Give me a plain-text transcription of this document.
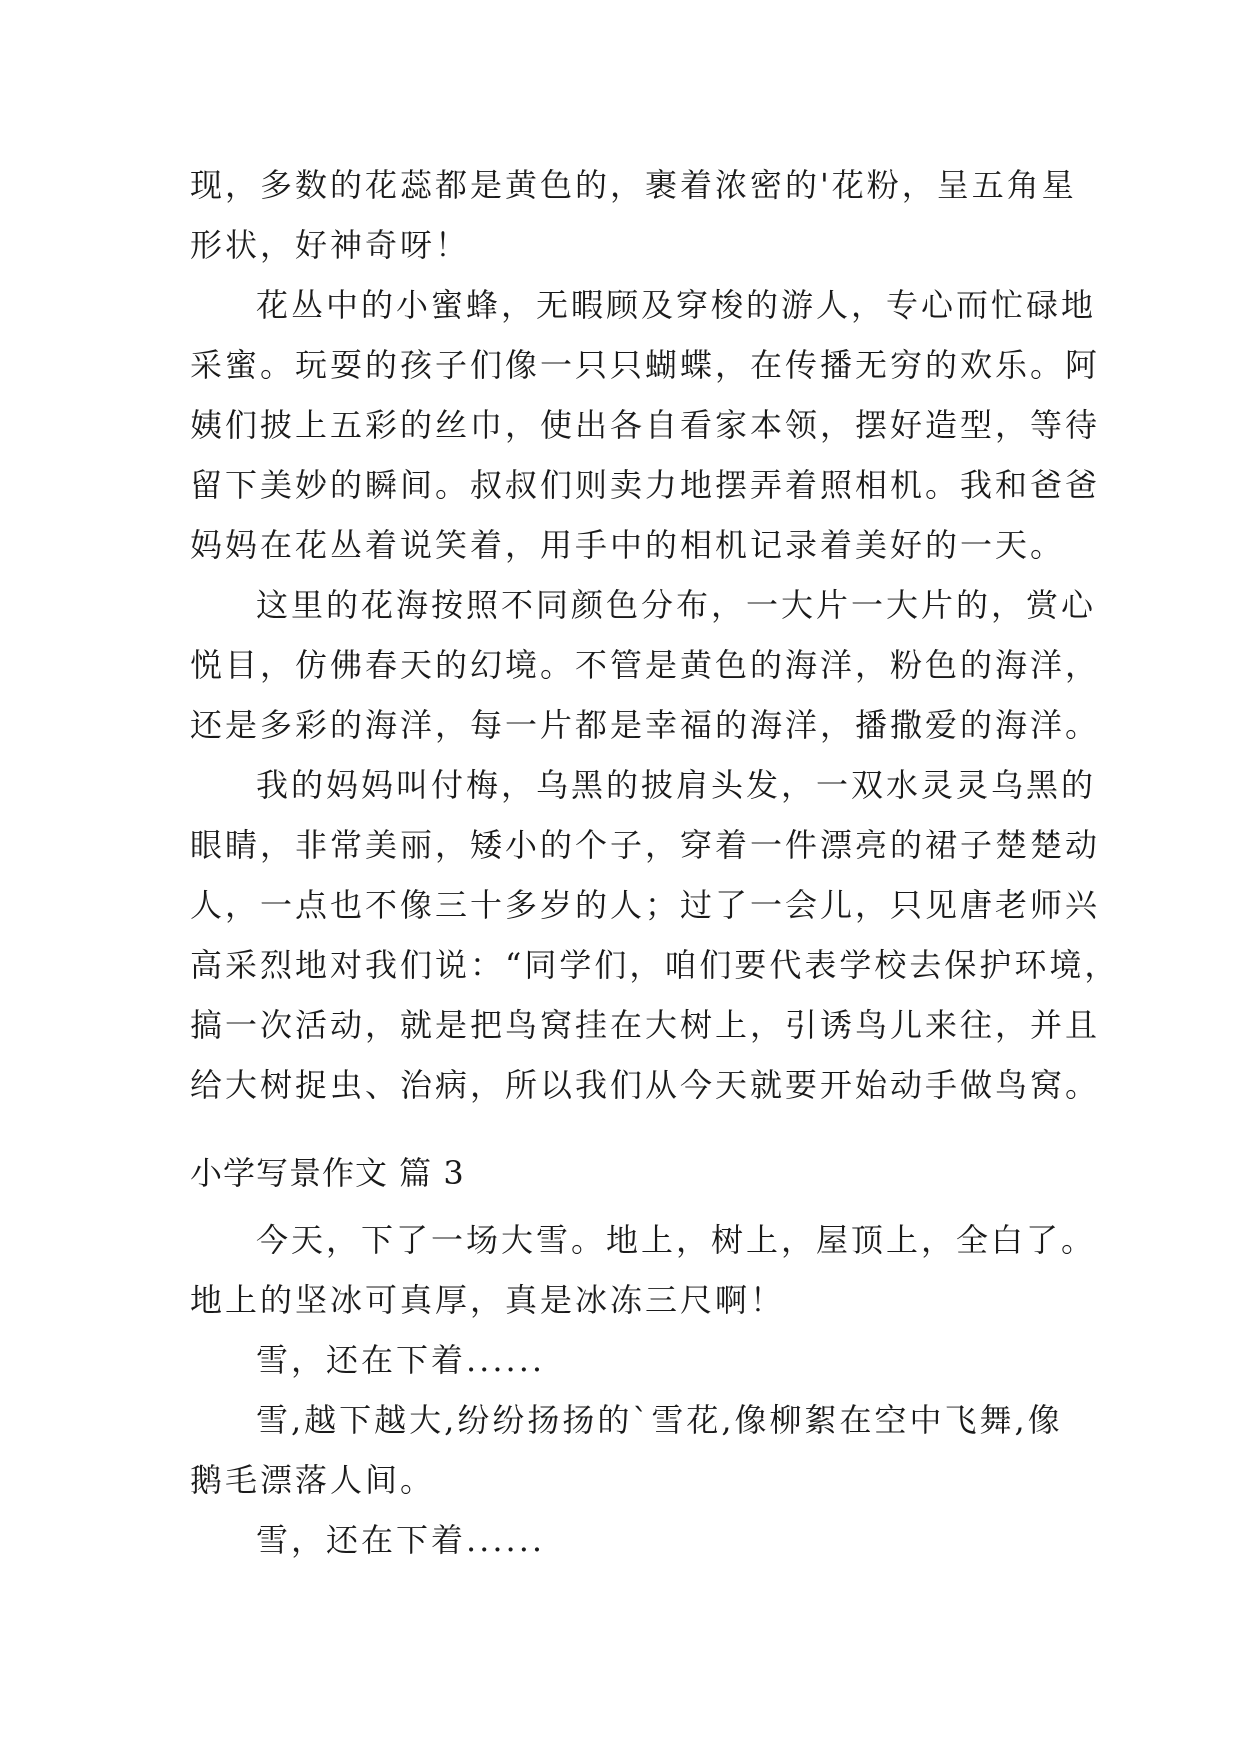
现，多数的花蕊都是黄色的，裹着浓密的'花粉，呈五角星
形状，好神奇呀！
花丛中的小蜜蜂，无暇顾及穿梭的游人，专心而忙碌地
采蜜。玩耍的孩子们像一只只蝴蝶，在传播无穷的欢乐。阿
姨们披上五彩的丝巾，使出各自看家本领，摆好造型，等待
留下美妙的瞬间。叔叔们则卖力地摆弄着照相机。我和爸爸
妈妈在花丛着说笑着，用手中的相机记录着美好的一天。
这里的花海按照不同颜色分布，一大片一大片的，赏心
悦目，仿佛春天的幻境。不管是黄色的海洋，粉色的海洋，
还是多彩的海洋，每一片都是幸福的海洋，播撒爱的海洋。
我的妈妈叫付梅，乌黑的披肩头发，一双水灵灵乌黑的
眼睛，非常美丽，矮小的个子，穿着一件漂亮的裙子楚楚动
人，一点也不像三十多岁的人；过了一会儿，只见唐老师兴
高采烈地对我们说：“同学们，咱们要代表学校去保护环境，
搞一次活动，就是把鸟窝挂在大树上，引诱鸟儿来往，并且
给大树捉虫、治病，所以我们从今天就要开始动手做鸟窝。
小学写景作文 篇 3
今天，下了一场大雪。地上，树上，屋顶上，全白了。
地上的坚冰可真厚，真是冰冻三尺啊！
雪，还在下着......
雪,越下越大,纷纷扬扬的`雪花,像柳絮在空中飞舞,像
鹅毛漂落人间。
雪，还在下着......
